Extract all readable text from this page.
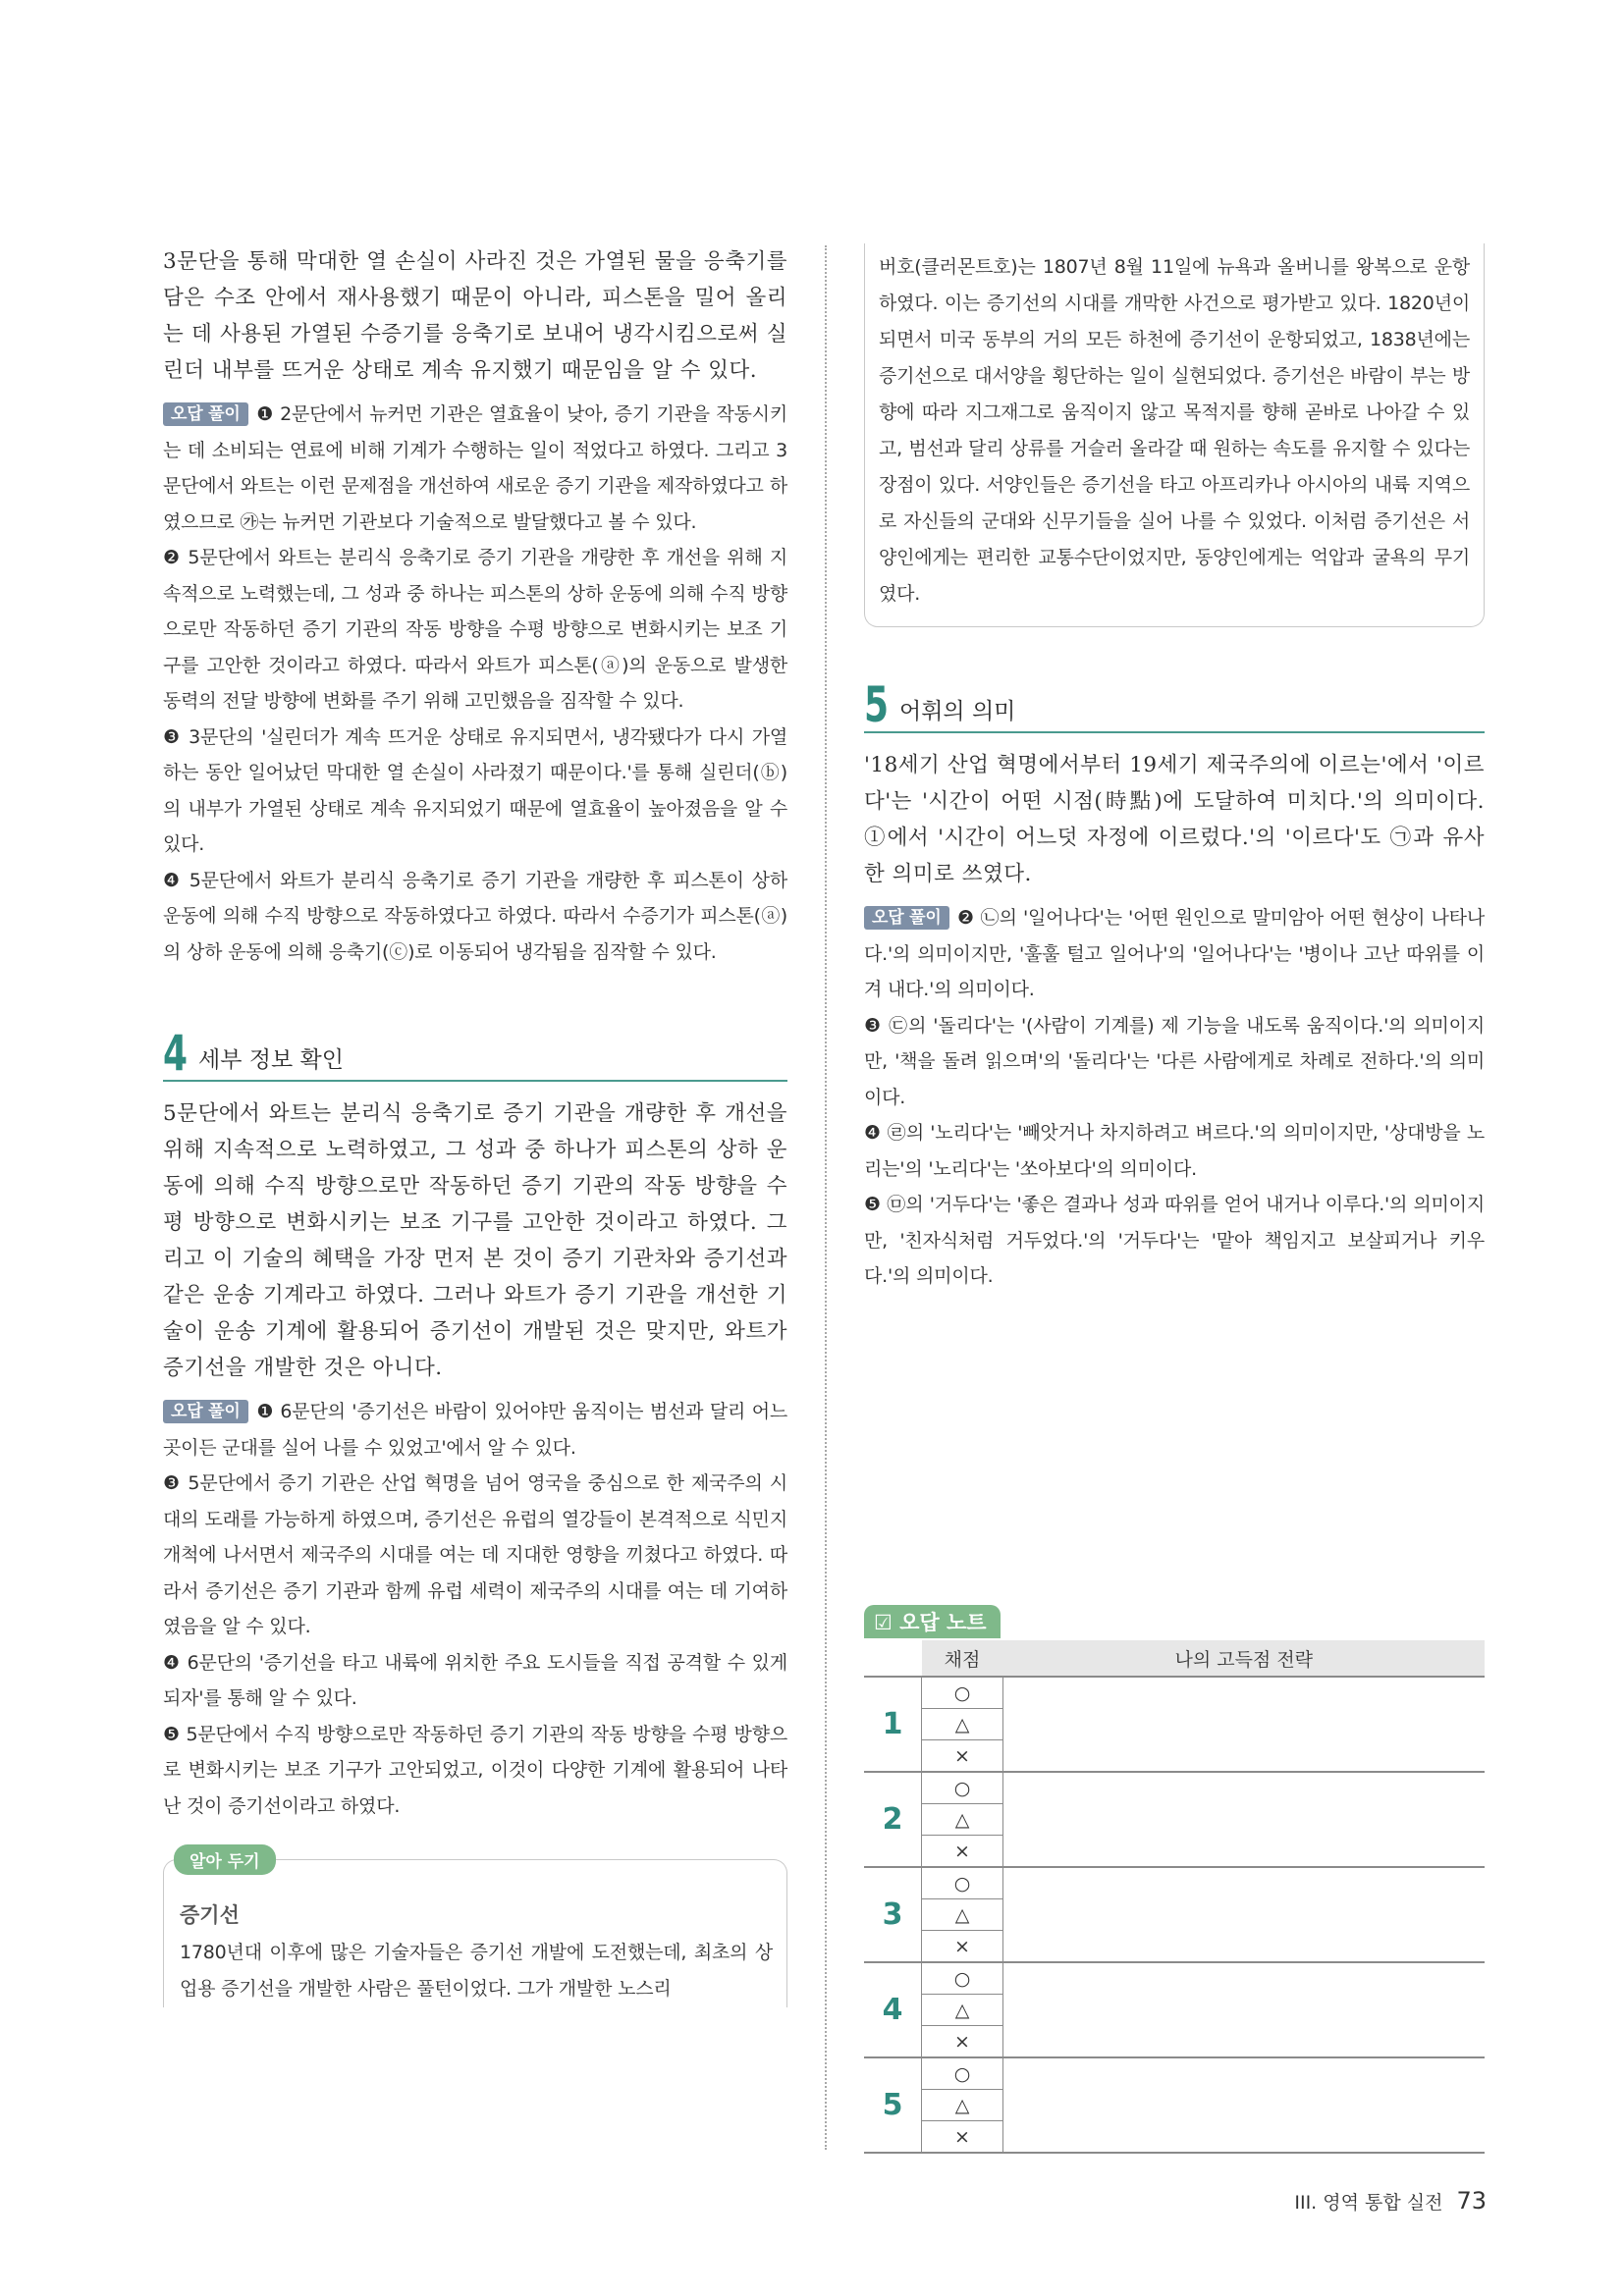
3문단을 통해 막대한 열 손실이 사라진 것은 가열된 물을 응축기를 담은 수조 안에서 재사용했기 때문이 아니라, 피스톤을 밀어 올리는 데 사용된 가열된 수증기를 응축기로 보내어 냉각시킴으로써 실린더 내부를 뜨거운 상태로 계속 유지했기 때문임을 알 수 있다.

오답 풀이 ❶ 2문단에서 뉴커먼 기관은 열효율이 낮아, 증기 기관을 작동시키는 데 소비되는 연료에 비해 기계가 수행하는 일이 적었다고 하였다. 그리고 3문단에서 와트는 이런 문제점을 개선하여 새로운 증기 기관을 제작하였다고 하였으므로 ㉮는 뉴커먼 기관보다 기술적으로 발달했다고 볼 수 있다.

❷ 5문단에서 와트는 분리식 응축기로 증기 기관을 개량한 후 개선을 위해 지속적으로 노력했는데, 그 성과 중 하나는 피스톤의 상하 운동에 의해 수직 방향으로만 작동하던 증기 기관의 작동 방향을 수평 방향으로 변화시키는 보조 기구를 고안한 것이라고 하였다. 따라서 와트가 피스톤(ⓐ)의 운동으로 발생한 동력의 전달 방향에 변화를 주기 위해 고민했음을 짐작할 수 있다.

❸ 3문단의 '실린더가 계속 뜨거운 상태로 유지되면서, 냉각됐다가 다시 가열하는 동안 일어났던 막대한 열 손실이 사라졌기 때문이다.'를 통해 실린더(ⓑ)의 내부가 가열된 상태로 계속 유지되었기 때문에 열효율이 높아졌음을 알 수 있다.

❹ 5문단에서 와트가 분리식 응축기로 증기 기관을 개량한 후 피스톤이 상하 운동에 의해 수직 방향으로 작동하였다고 하였다. 따라서 수증기가 피스톤(ⓐ)의 상하 운동에 의해 응축기(ⓒ)로 이동되어 냉각됨을 짐작할 수 있다.

4 세부 정보 확인

5문단에서 와트는 분리식 응축기로 증기 기관을 개량한 후 개선을 위해 지속적으로 노력하였고, 그 성과 중 하나가 피스톤의 상하 운동에 의해 수직 방향으로만 작동하던 증기 기관의 작동 방향을 수평 방향으로 변화시키는 보조 기구를 고안한 것이라고 하였다. 그리고 이 기술의 혜택을 가장 먼저 본 것이 증기 기관차와 증기선과 같은 운송 기계라고 하였다. 그러나 와트가 증기 기관을 개선한 기술이 운송 기계에 활용되어 증기선이 개발된 것은 맞지만, 와트가 증기선을 개발한 것은 아니다.

오답 풀이 ❶ 6문단의 '증기선은 바람이 있어야만 움직이는 범선과 달리 어느 곳이든 군대를 실어 나를 수 있었고'에서 알 수 있다.

❸ 5문단에서 증기 기관은 산업 혁명을 넘어 영국을 중심으로 한 제국주의 시대의 도래를 가능하게 하였으며, 증기선은 유럽의 열강들이 본격적으로 식민지 개척에 나서면서 제국주의 시대를 여는 데 지대한 영향을 끼쳤다고 하였다. 따라서 증기선은 증기 기관과 함께 유럽 세력이 제국주의 시대를 여는 데 기여하였음을 알 수 있다.

❹ 6문단의 '증기선을 타고 내륙에 위치한 주요 도시들을 직접 공격할 수 있게 되자'를 통해 알 수 있다.

❺ 5문단에서 수직 방향으로만 작동하던 증기 기관의 작동 방향을 수평 방향으로 변화시키는 보조 기구가 고안되었고, 이것이 다양한 기계에 활용되어 나타난 것이 증기선이라고 하였다.

알아 두기

증기선

1780년대 이후에 많은 기술자들은 증기선 개발에 도전했는데, 최초의 상업용 증기선을 개발한 사람은 풀턴이었다. 그가 개발한 노스리

버호(클러몬트호)는 1807년 8월 11일에 뉴욕과 올버니를 왕복으로 운항하였다. 이는 증기선의 시대를 개막한 사건으로 평가받고 있다. 1820년이 되면서 미국 동부의 거의 모든 하천에 증기선이 운항되었고, 1838년에는 증기선으로 대서양을 횡단하는 일이 실현되었다. 증기선은 바람이 부는 방향에 따라 지그재그로 움직이지 않고 목적지를 향해 곧바로 나아갈 수 있고, 범선과 달리 상류를 거슬러 올라갈 때 원하는 속도를 유지할 수 있다는 장점이 있다. 서양인들은 증기선을 타고 아프리카나 아시아의 내륙 지역으로 자신들의 군대와 신무기들을 실어 나를 수 있었다. 이처럼 증기선은 서양인에게는 편리한 교통수단이었지만, 동양인에게는 억압과 굴욕의 무기였다.

5 어휘의 의미

'18세기 산업 혁명에서부터 19세기 제국주의에 이르는'에서 '이르다'는 '시간이 어떤 시점(時點)에 도달하여 미치다.'의 의미이다. ①에서 '시간이 어느덧 자정에 이르렀다.'의 '이르다'도 ㉠과 유사한 의미로 쓰였다.

오답 풀이 ❷ ㉡의 '일어나다'는 '어떤 원인으로 말미암아 어떤 현상이 나타나다.'의 의미이지만, '훌훌 털고 일어나'의 '일어나다'는 '병이나 고난 따위를 이겨 내다.'의 의미이다.

❸ ㉢의 '돌리다'는 '(사람이 기계를) 제 기능을 내도록 움직이다.'의 의미이지만, '책을 돌려 읽으며'의 '돌리다'는 '다른 사람에게로 차례로 전하다.'의 의미이다.

❹ ㉣의 '노리다'는 '빼앗거나 차지하려고 벼르다.'의 의미이지만, '상대방을 노리는'의 '노리다'는 '쏘아보다'의 의미이다.

❺ ㉤의 '거두다'는 '좋은 결과나 성과 따위를 얻어 내거나 이루다.'의 의미이지만, '친자식처럼 거두었다.'의 '거두다'는 '맡아 책임지고 보살피거나 키우다.'의 의미이다.

☑ 오답 노트
	채점	나의 고득점 전략
1	○	
	△	
	×	
2	○	
	△	
	×	
3	○	
	△	
	×	
4	○	
	△	
	×	
5	○	
	△	
	×	
III. 영역 통합 실전 73
